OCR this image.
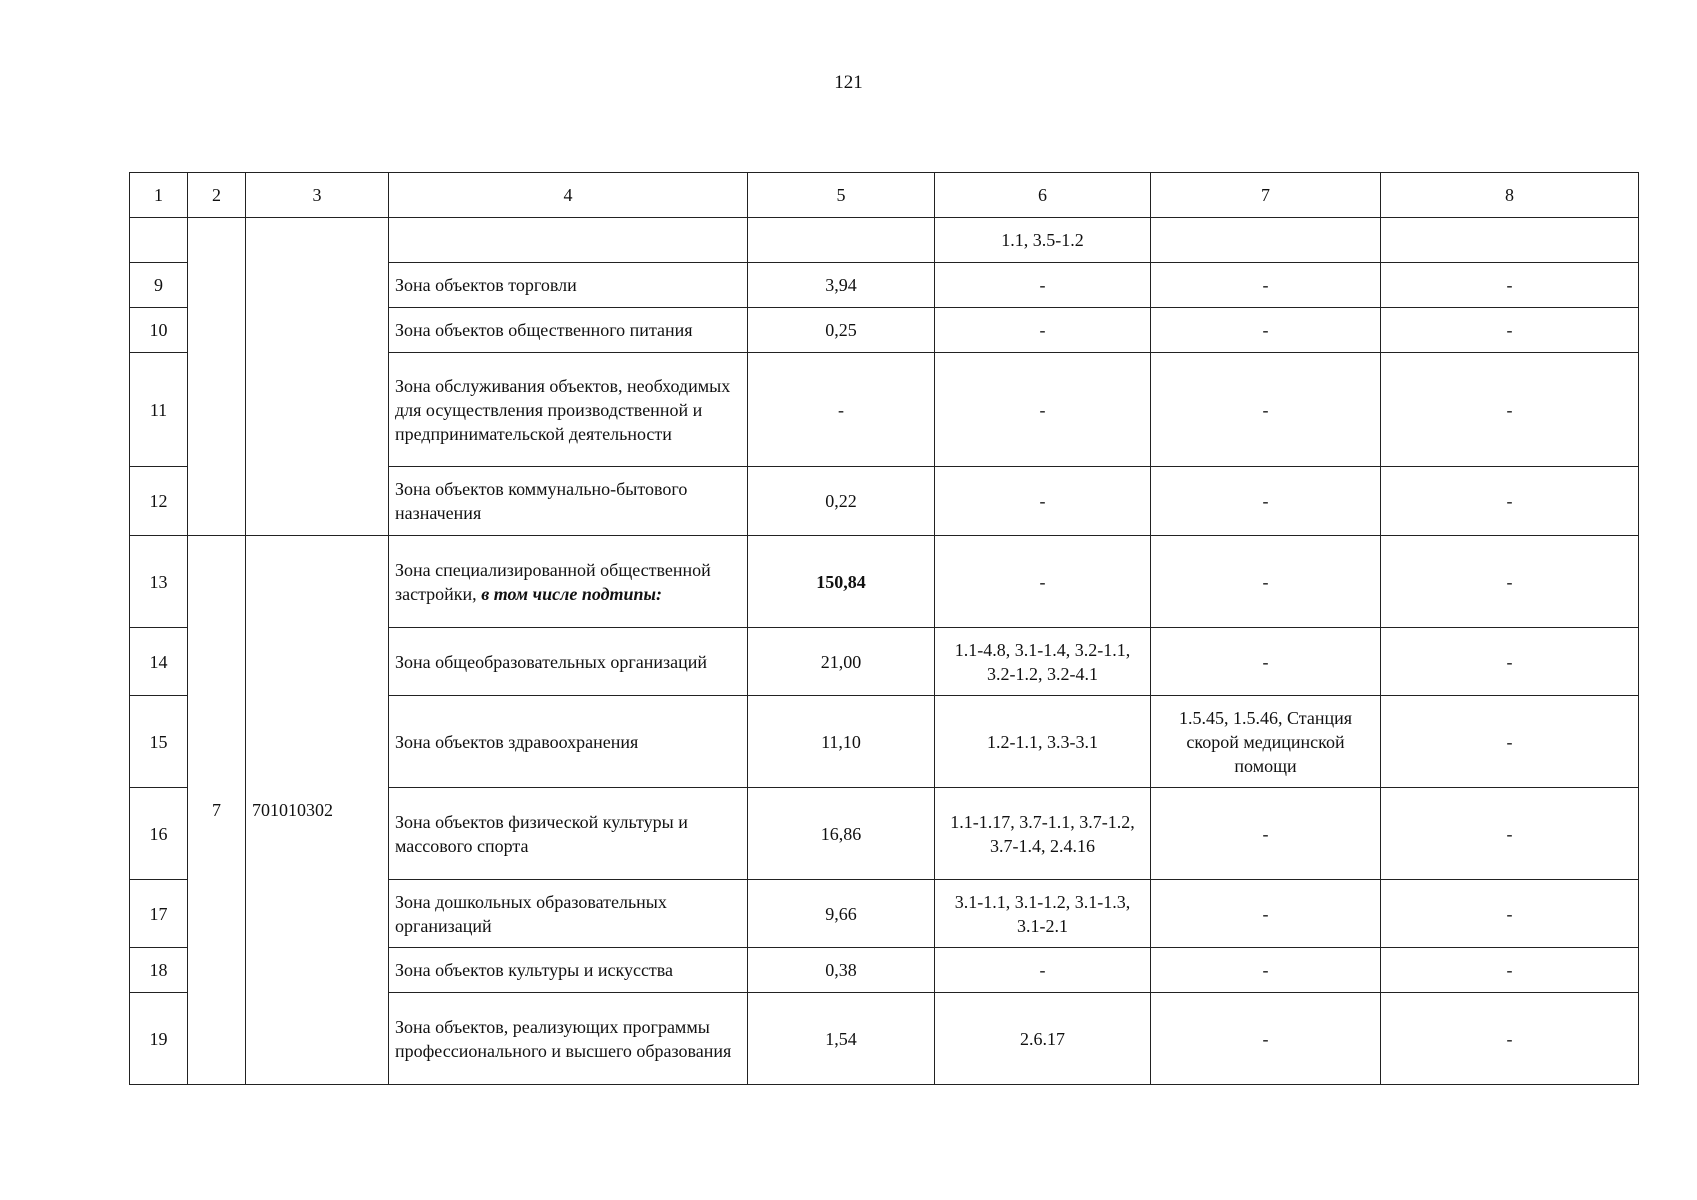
121
1	2	3	4	5	6	7	8
					1.1, 3.5-1.2		
9			Зона объектов торговли	3,94	-	-	-
10			Зона объектов общественного питания	0,25	-	-	-
11			Зона обслуживания объектов, необходимых для осуществления производственной и предпринимательской деятельности	-	-	-	-
12			Зона объектов коммунально-бытового назначения	0,22	-	-	-
13	7	701010302	Зона специализированной общественной застройки, в том числе подтипы:	150,84	-	-	-
14			Зона общеобразовательных организаций	21,00	1.1-4.8, 3.1-1.4, 3.2-1.1, 3.2-1.2, 3.2-4.1	-	-
15			Зона объектов здравоохранения	11,10	1.2-1.1, 3.3-3.1	1.5.45, 1.5.46, Станция скорой медицинской помощи	-
16			Зона объектов физической культуры и массового спорта	16,86	1.1-1.17, 3.7-1.1, 3.7-1.2, 3.7-1.4, 2.4.16	-	-
17			Зона дошкольных образовательных организаций	9,66	3.1-1.1, 3.1-1.2, 3.1-1.3, 3.1-2.1	-	-
18			Зона объектов культуры и искусства	0,38	-	-	-
19			Зона объектов, реализующих программы профессионального и высшего образования	1,54	2.6.17	-	-
